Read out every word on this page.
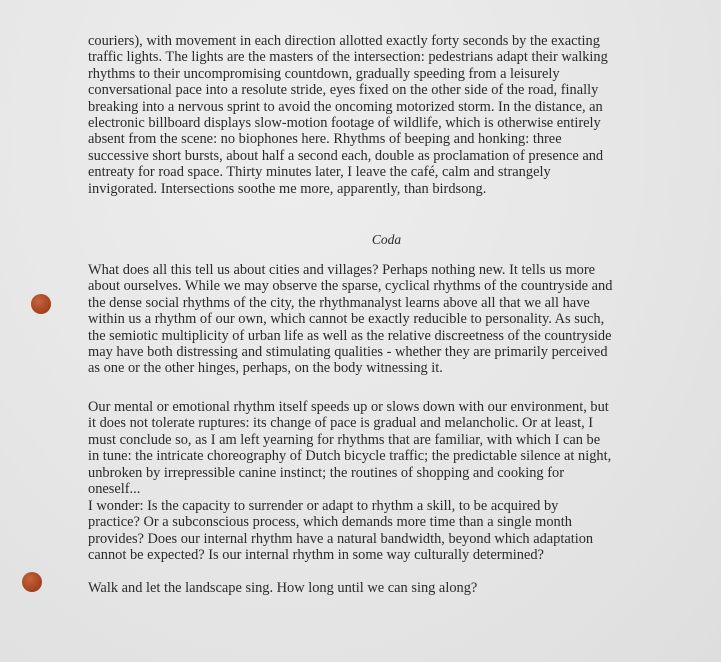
couriers), with movement in each direction allotted exactly forty seconds by the exacting
traffic lights. The lights are the masters of the intersection: pedestrians adapt their walking
rhythms to their uncompromising countdown, gradually speeding from a leisurely
conversational pace into a resolute stride, eyes fixed on the other side of the road, finally
breaking into a nervous sprint to avoid the oncoming motorized storm. In the distance, an
electronic billboard displays slow-motion footage of wildlife, which is otherwise entirely
absent from the scene: no biophones here. Rhythms of beeping and honking: three
successive short bursts, about half a second each, double as proclamation of presence and
entreaty for road space. Thirty minutes later, I leave the café, calm and strangely
invigorated. Intersections soothe me more, apparently, than birdsong.

Coda

What does all this tell us about cities and villages? Perhaps nothing new. It tells us more
about ourselves. While we may observe the sparse, cyclical rhythms of the countryside and
the dense social rhythms of the city, the rhythmanalyst learns above all that we all have
within us a rhythm of our own, which cannot be exactly reducible to personality. As such,
the semiotic multiplicity of urban life as well as the relative discreetness of the countryside
may have both distressing and stimulating qualities - whether they are primarily perceived
as one or the other hinges, perhaps, on the body witnessing it.

Our mental or emotional rhythm itself speeds up or slows down with our environment, but
it does not tolerate ruptures: its change of pace is gradual and melancholic. Or at least, I
must conclude so, as I am left yearning for rhythms that are familiar, with which I can be
in tune: the intricate choreography of Dutch bicycle traffic; the predictable silence at night,
unbroken by irrepressible canine instinct; the routines of shopping and cooking for
oneself...

I wonder: Is the capacity to surrender or adapt to rhythm a skill, to be acquired by
practice? Or a subconscious process, which demands more time than a single month
provides? Does our internal rhythm have a natural bandwidth, beyond which adaptation
cannot be expected? Is our internal rhythm in some way culturally determined?

Walk and let the landscape sing. How long until we can sing along?
